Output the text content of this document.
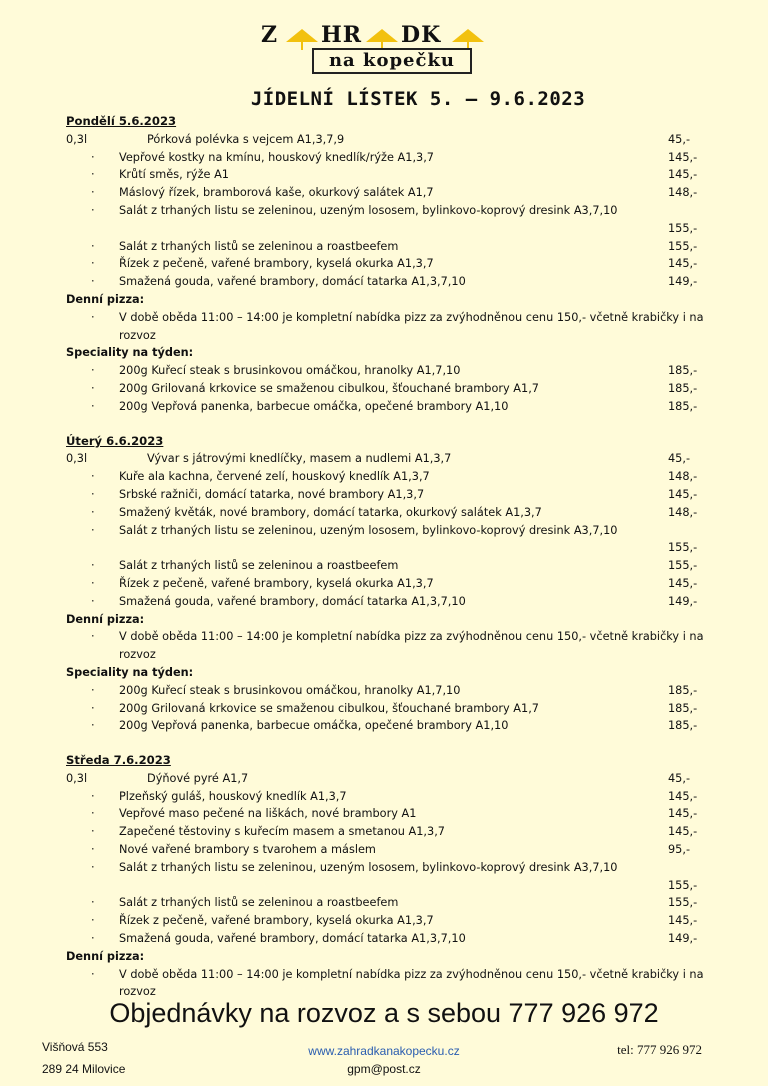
Z HR DK
na kopečku
JÍDELNÍ LÍSTEK 5. – 9.6.2023
Pondělí 5.6.2023
0,3l	Pórková polévka s vejcem A1,3,7,9	45,-
· Vepřové kostky na kmínu, houskový knedlík/rýže A1,3,7	145,-
· Krůtí směs, rýže A1	145,-
· Máslový řízek, bramborová kaše, okurkový salátek A1,7	148,-
· Salát z trhaných listu se zeleninou, uzeným lososem, bylinkovo-koprový dresink A3,7,10
155,-
· Salát z trhaných listů se zeleninou a roastbeefem	155,-
· Řízek z pečeně, vařené brambory, kyselá okurka A1,3,7	145,-
· Smažená gouda, vařené brambory, domácí tatarka A1,3,7,10	149,-
Denní pizza:
· V době oběda 11:00 – 14:00 je kompletní nabídka pizz za zvýhodněnou cenu 150,- včetně krabičky i na rozvoz
Speciality na týden:
· 200g Kuřecí steak s brusinkovou omáčkou, hranolky A1,7,10	185,-
· 200g Grilovaná krkovice se smaženou cibulkou, šťouchané brambory A1,7	185,-
· 200g Vepřová panenka, barbecue omáčka, opečené brambory A1,10	185,-
Úterý 6.6.2023
0,3l	Vývar s játrovými knedlíčky, masem a nudlemi A1,3,7	45,-
· Kuře ala kachna, červené zelí, houskový knedlík A1,3,7	148,-
· Srbské ražniči, domácí tatarka, nové brambory A1,3,7	145,-
· Smažený květák, nové brambory, domácí tatarka, okurkový salátek A1,3,7	148,-
· Salát z trhaných listu se zeleninou, uzeným lososem, bylinkovo-koprový dresink A3,7,10
155,-
· Salát z trhaných listů se zeleninou a roastbeefem	155,-
· Řízek z pečeně, vařené brambory, kyselá okurka A1,3,7	145,-
· Smažená gouda, vařené brambory, domácí tatarka A1,3,7,10	149,-
Denní pizza:
· V době oběda 11:00 – 14:00 je kompletní nabídka pizz za zvýhodněnou cenu 150,- včetně krabičky i na rozvoz
Speciality na týden:
· 200g Kuřecí steak s brusinkovou omáčkou, hranolky A1,7,10	185,-
· 200g Grilovaná krkovice se smaženou cibulkou, šťouchané brambory A1,7	185,-
· 200g Vepřová panenka, barbecue omáčka, opečené brambory A1,10	185,-
Středa 7.6.2023
0,3l	Dýňové pyré A1,7	45,-
· Plzeňský guláš, houskový knedlík A1,3,7	145,-
· Vepřové maso pečené na liškách, nové brambory A1	145,-
· Zapečené těstoviny s kuřecím masem a smetanou A1,3,7	145,-
· Nové vařené brambory s tvarohem a máslem	95,-
· Salát z trhaných listu se zeleninou, uzeným lososem, bylinkovo-koprový dresink A3,7,10
155,-
· Salát z trhaných listů se zeleninou a roastbeefem	155,-
· Řízek z pečeně, vařené brambory, kyselá okurka A1,3,7	145,-
· Smažená gouda, vařené brambory, domácí tatarka A1,3,7,10	149,-
Denní pizza:
· V době oběda 11:00 – 14:00 je kompletní nabídka pizz za zvýhodněnou cenu 150,- včetně krabičky i na rozvoz
Objednávky na rozvoz a s sebou 777 926 972
Višňová 553
289 24 Milovice
www.zahradkanakopecku.cz
gpm@post.cz
tel: 777 926 972
